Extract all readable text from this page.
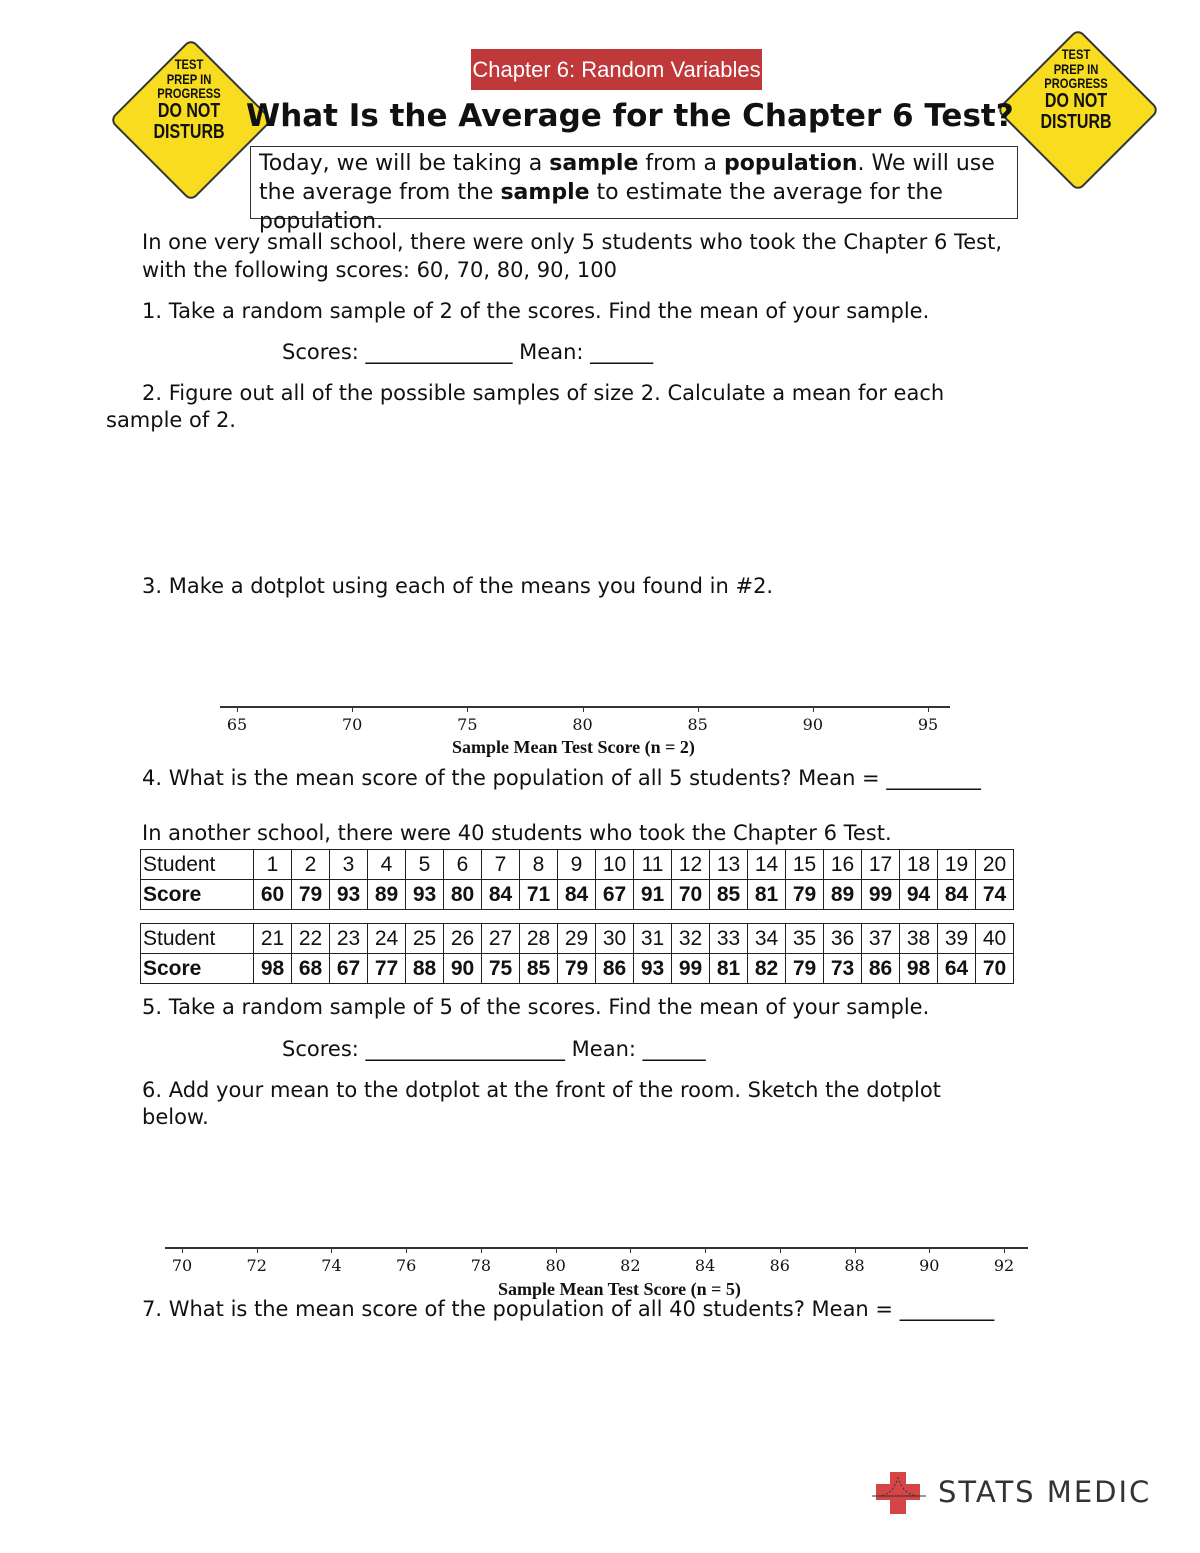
TEST
PREP IN
PROGRESS
DO NOT
DISTURB
TEST
PREP IN
PROGRESS
DO NOT
DISTURB
Chapter 6: Random Variables
What Is the Average for the Chapter 6 Test?
Today, we will be taking a sample from a population. We will use the average from the sample to estimate the average for the population.
In one very small school, there were only 5 students who took the Chapter 6 Test,
with the following scores: 60, 70, 80, 90, 100
1. Take a random sample of 2 of the scores. Find the mean of your sample.
Scores: ______________ Mean: ______
2. Figure out all of the possible samples of size 2. Calculate a mean for each
sample of 2.
3. Make a dotplot using each of the means you found in #2.
65	70	75	80	85	90	95
Sample Mean Test Score (n = 2)
4. What is the mean score of the population of all 5 students? Mean = _________
In another school, there were 40 students who took the Chapter 6 Test.
Student	1	2	3	4	5	6	7	8	9	10	11	12	13	14	15	16	17	18	19	20
Score	60	79	93	89	93	80	84	71	84	67	91	70	85	81	79	89	99	94	84	74
Student	21	22	23	24	25	26	27	28	29	30	31	32	33	34	35	36	37	38	39	40
Score	98	68	67	77	88	90	75	85	79	86	93	99	81	82	79	73	86	98	64	70
5. Take a random sample of 5 of the scores. Find the mean of your sample.
Scores: ___________________ Mean: ______
6. Add your mean to the dotplot at the front of the room. Sketch the dotplot
below.
70	72	74	76	78	80	82	84	86	88	90	92
Sample Mean Test Score (n = 5)
7. What is the mean score of the population of all 40 students? Mean = _________
STATS MEDIC
